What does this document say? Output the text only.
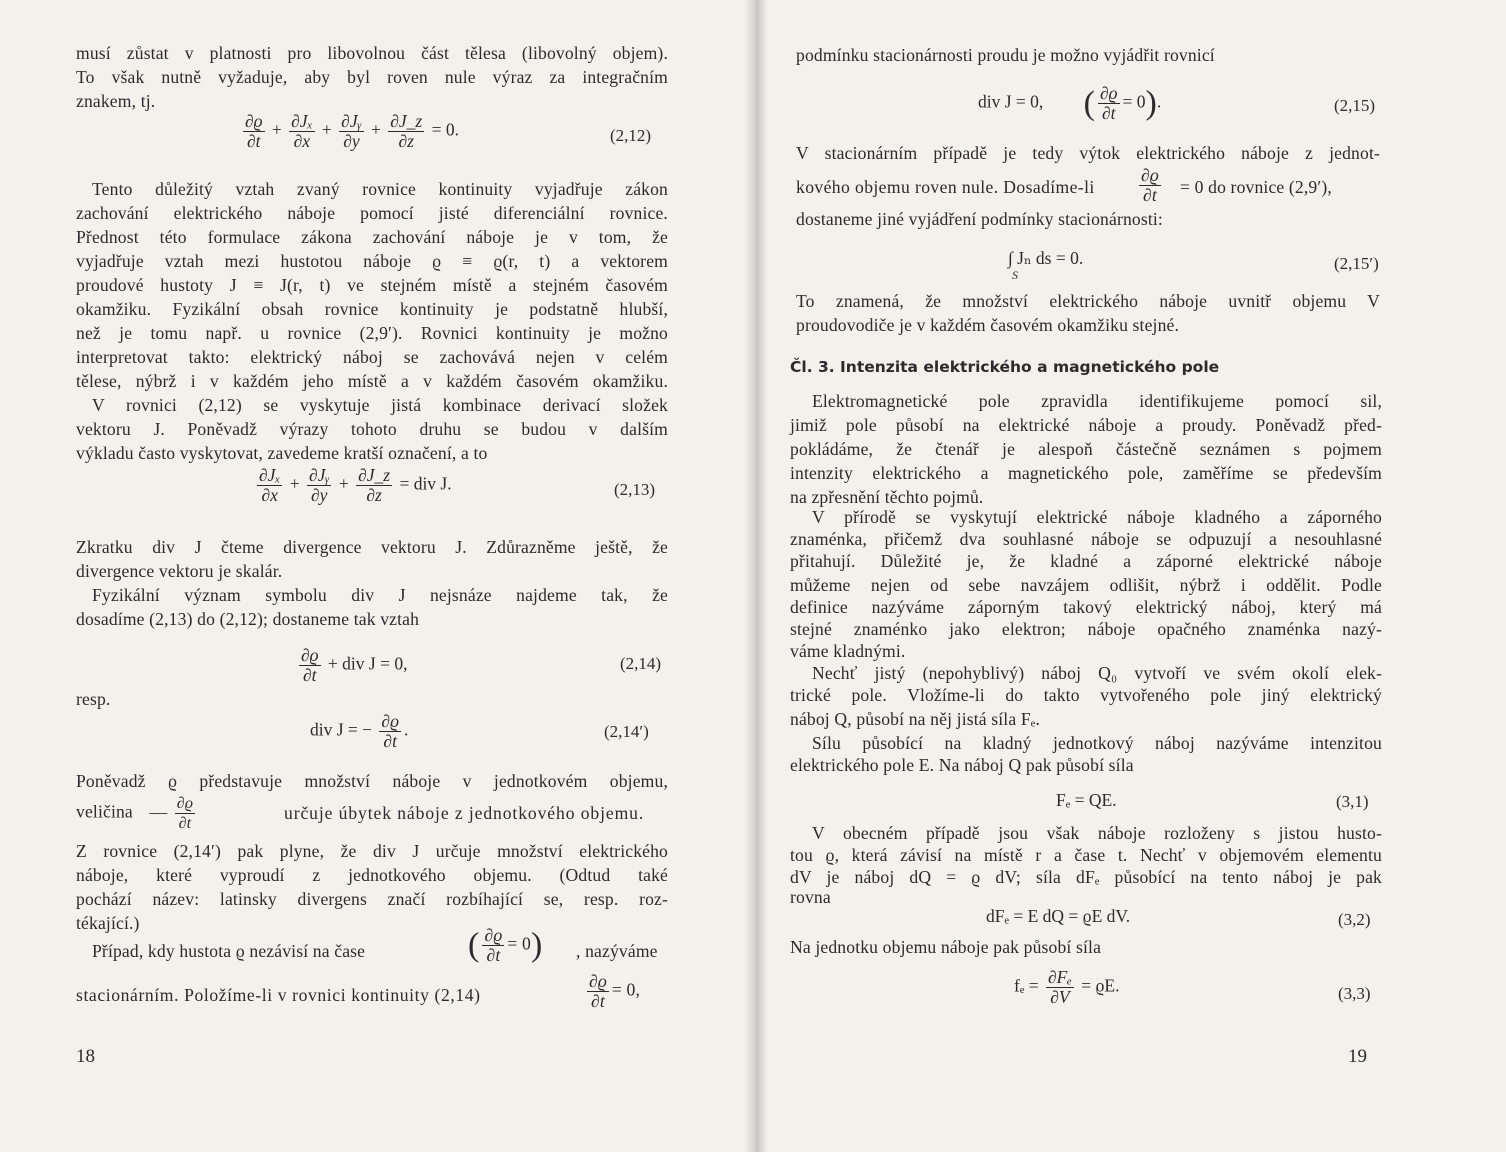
musí zůstat v platnosti pro libovolnou část tělesa (libovolný objem).
To však nutně vyžaduje, aby byl roven nule výraz za integračním
znakem, tj.
$\frac{\partial ϱ}{\partial t} + \frac{\text{∂Jₓ}}{\partial x} + \frac{\text{∂Jᵧ}}{\partial y} + \frac{\partial J\_z}{\partial z} = 0$.	(2,12)
Tento důležitý vztah zvaný rovnice kontinuity vyjadřuje zákon
zachování elektrického náboje pomocí jisté diferenciální rovnice.
Přednost této formulace zákona zachování náboje je v tom, že
vyjadřuje vztah mezi hustotou náboje ϱ ≡ ϱ(r, t) a vektorem
proudové hustoty J ≡ J(r, t) ve stejném místě a stejném časovém
okamžiku. Fyzikální obsah rovnice kontinuity je podstatně hlubší,
než je tomu např. u rovnice (2,9′). Rovnici kontinuity je možno
interpretovat takto: elektrický náboj se zachovává nejen v celém
tělese, nýbrž i v každém jeho místě a v každém časovém okamžiku.
V rovnici (2,12) se vyskytuje jistá kombinace derivací složek
vektoru J. Poněvadž výrazy tohoto druhu se budou v dalším
výkladu často vyskytovat, zavedeme kratší označení, a to
$\frac{\text{∂Jₓ}}{\partial x} + \frac{\text{∂Jᵧ}}{\partial y} + \frac{\partial J\_z}{\partial z}$ = div J.	(2,13)
Zkratku div J čteme divergence vektoru J. Zdůrazněme ještě, že
divergence vektoru je skalár.
Fyzikální význam symbolu div J nejsnáze najdeme tak, že
dosadíme (2,13) do (2,12); dostaneme tak vztah
$\frac{\partial ϱ}{\partial t}$ + div J = 0,	(2,14)
resp.
div J = − $\frac{\partial ϱ}{\partial t}$ .	(2,14′)
Poněvadž ϱ představuje množství náboje v jednotkovém objemu,
veličina — $\frac{\partial ϱ}{\partial t}$	určuje úbytek náboje z jednotkového objemu.
Z rovnice (2,14′) pak plyne, že div J určuje množství elektrického
náboje, které vyproudí z jednotkového objemu. (Odtud také
pochází název: latinsky divergens značí rozbíhající se, resp. roz-
tékající.)
Případ, kdy hustota ϱ nezávisí na čase	( $\frac{\partial ϱ}{\partial t} = 0$) , nazýváme
stacionárním. Položíme-li v rovnici kontinuity (2,14)	$\frac{\partial ϱ}{\partial t} = 0$,
18
podmínku stacionárnosti proudu je možno vyjádřit rovnicí
div J = 0, ( $\frac{\partial ϱ}{\partial t} = 0$).	(2,15)
V stacionárním případě je tedy výtok elektrického náboje z jednot-
kového objemu roven nule. Dosadíme-li	$\frac{\partial ϱ}{\partial t} = 0$ do rovnice (2,9′),
dostaneme jiné vyjádření podmínky stacionárnosti:
∫ Jₙ ds = 0.
S
(2,15′)
To znamená, že množství elektrického náboje uvnitř objemu V
proudovodiče je v každém časovém okamžiku stejné.
Čl. 3. Intenzita elektrického a magnetického pole
Elektromagnetické pole zpravidla identifikujeme pomocí sil,
jimiž pole působí na elektrické náboje a proudy. Poněvadž před-
pokládáme, že čtenář je alespoň částečně seznámen s pojmem
intenzity elektrického a magnetického pole, zaměříme se především
na zpřesnění těchto pojmů.
V přírodě se vyskytují elektrické náboje kladného a záporného
znaménka, přičemž dva souhlasné náboje se odpuzují a nesouhlasné
přitahují. Důležité je, že kladné a záporné elektrické náboje
můžeme nejen od sebe navzájem odlišit, nýbrž i oddělit. Podle
definice nazýváme záporným takový elektrický náboj, který má
stejné znaménko jako elektron; náboje opačného znaménka nazý-
váme kladnými.
Nechť jistý (nepohyblivý) náboj Q₀ vytvoří ve svém okolí elek-
trické pole. Vložíme-li do takto vytvořeného pole jiný elektrický
náboj Q, působí na něj jistá síla Fₑ.
Sílu působící na kladný jednotkový náboj nazýváme intenzitou
elektrického pole E. Na náboj Q pak působí síla
Fₑ = QE.	(3,1)
V obecném případě jsou však náboje rozloženy s jistou husto-
tou ϱ, která závisí na místě r a čase t. Nechť v objemovém elementu
dV je náboj dQ = ϱ dV; síla dFₑ působící na tento náboj je pak
rovna
dFₑ = E dQ = ϱE dV.	(3,2)
Na jednotku objemu náboje pak působí síla
$f_e = \frac{\text{∂Fₑ}}{\partial V} = ϱE$.	(3,3)
19
